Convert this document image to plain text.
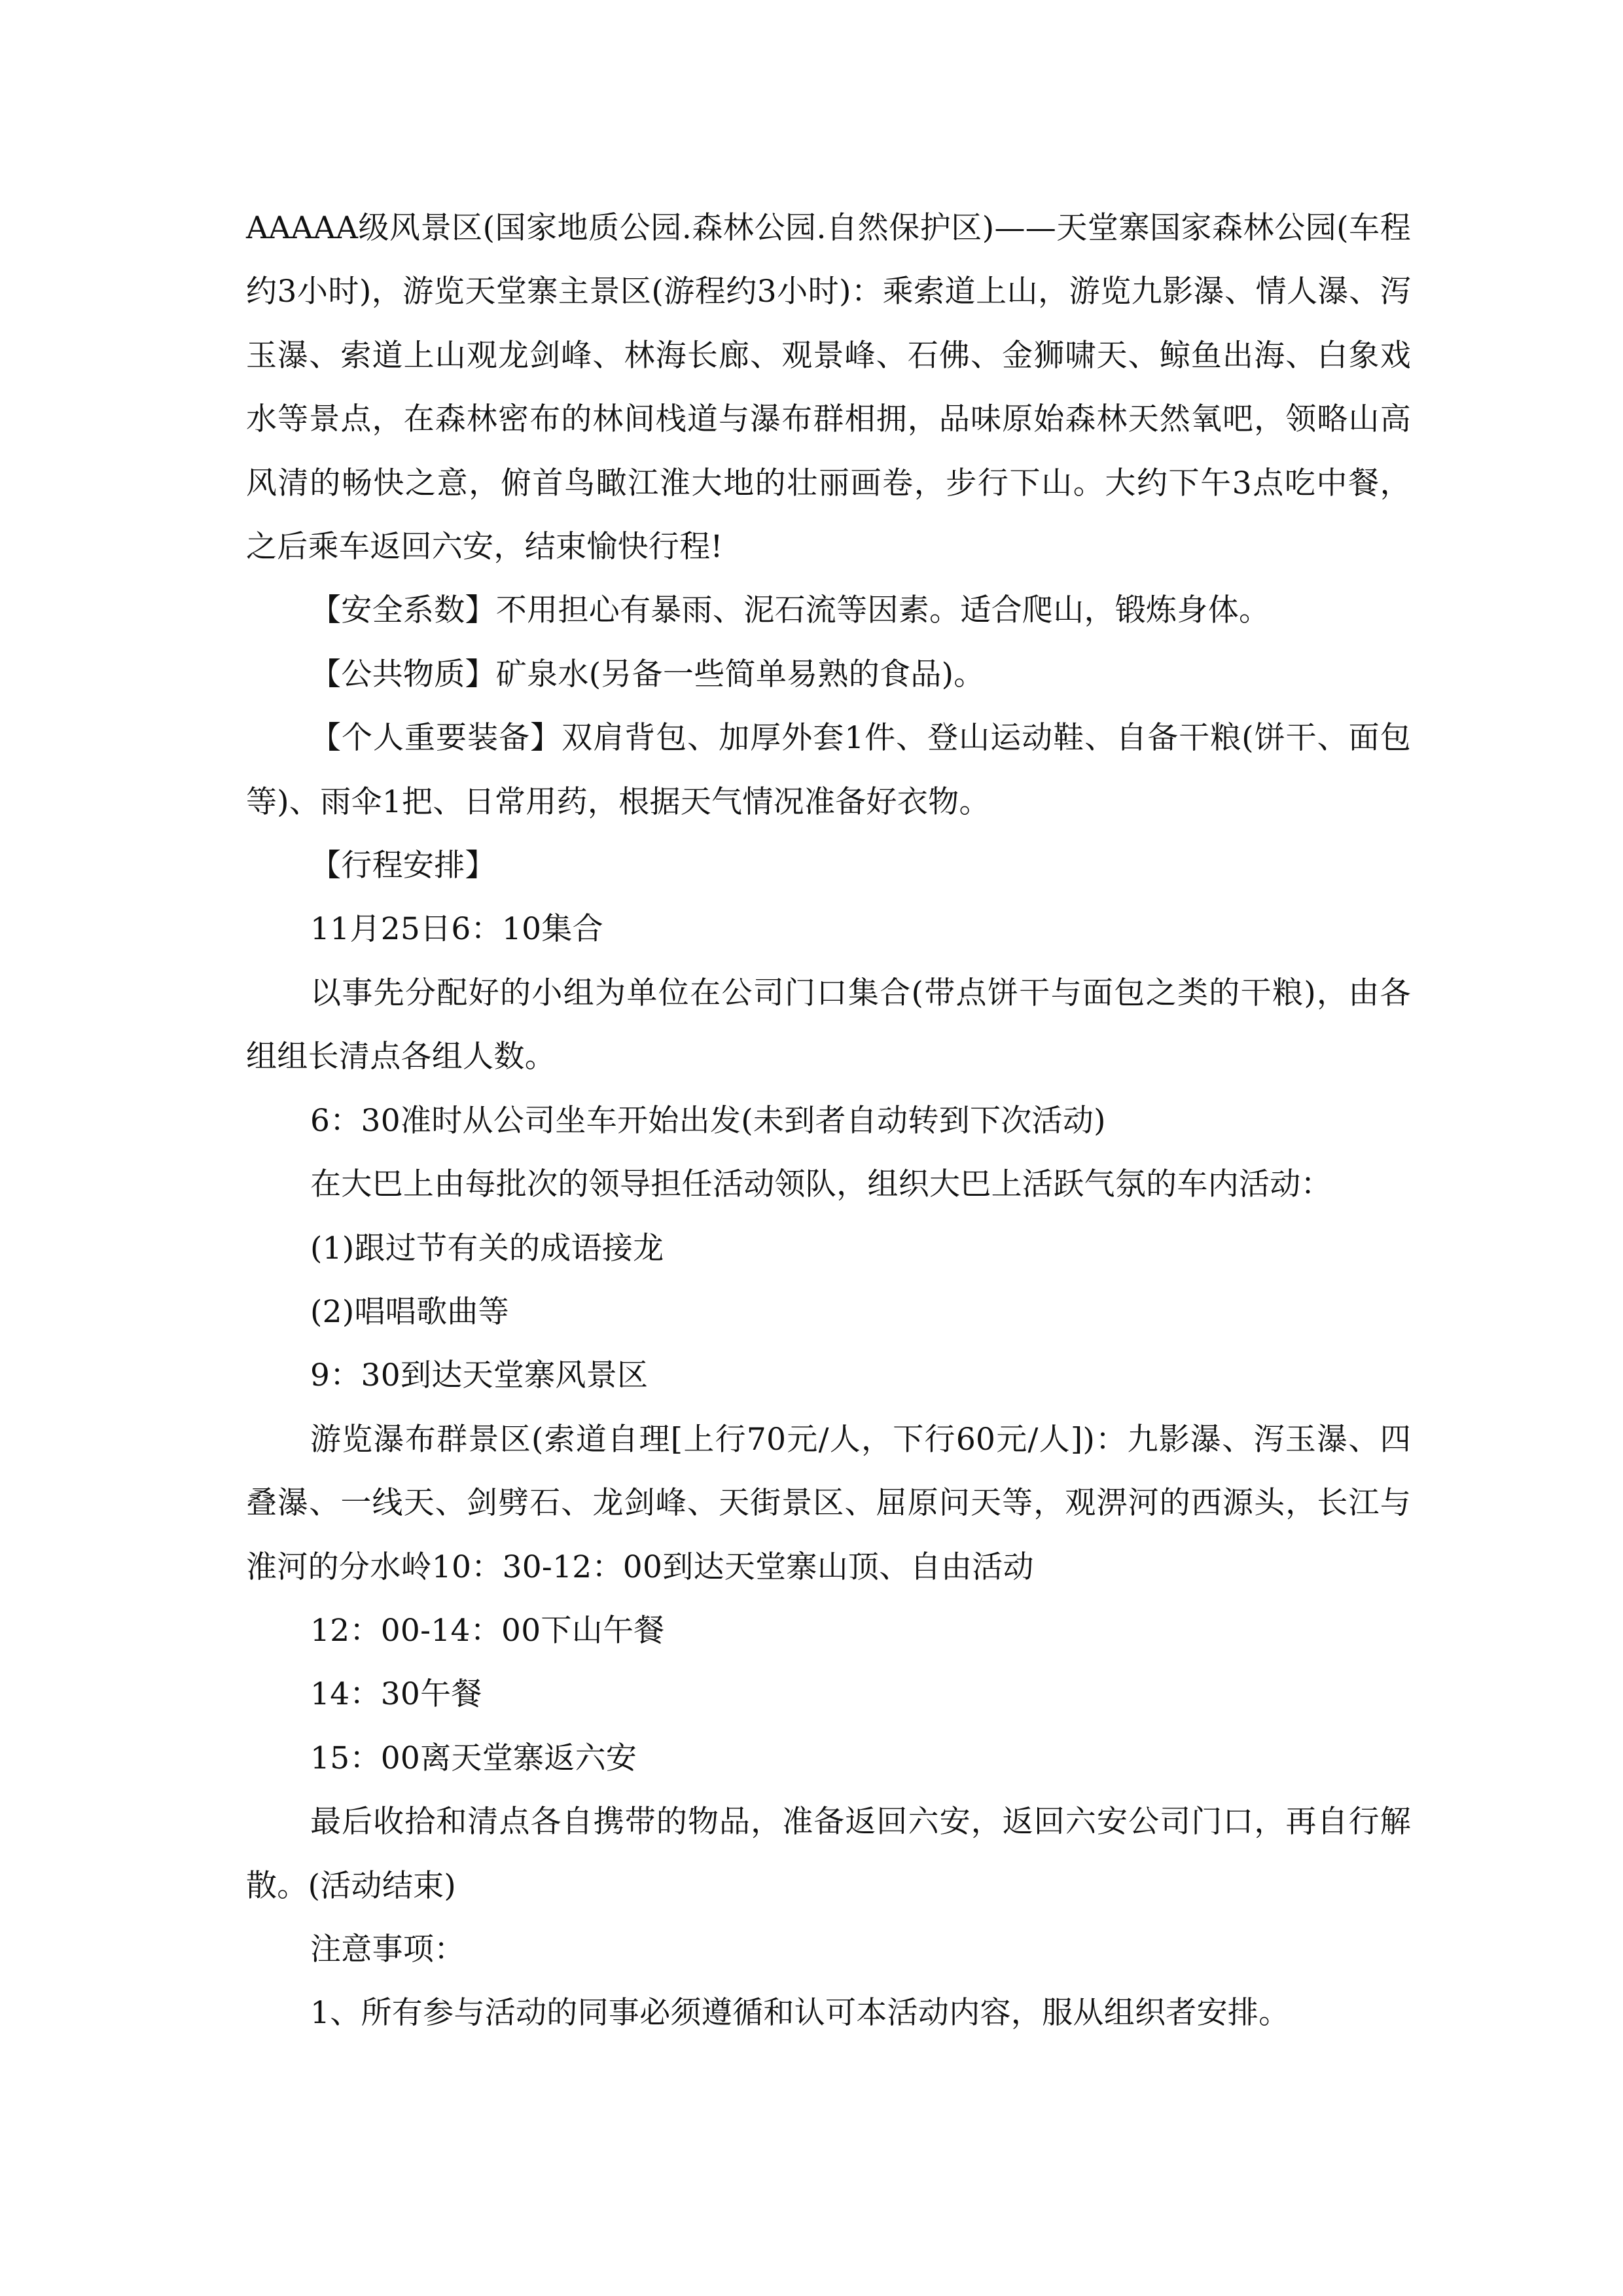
AAAAA级风景区(国家地质公园.森林公园.自然保护区)——天堂寨国家森林公园(车程约3小时)，游览天堂寨主景区(游程约3小时)：乘索道上山，游览九影瀑、情人瀑、泻玉瀑、索道上山观龙剑峰、林海长廊、观景峰、石佛、金狮啸天、鲸鱼出海、白象戏水等景点，在森林密布的林间栈道与瀑布群相拥，品味原始森林天然氧吧，领略山高风清的畅快之意，俯首鸟瞰江淮大地的壮丽画卷，步行下山。大约下午3点吃中餐，之后乘车返回六安，结束愉快行程!

【安全系数】不用担心有暴雨、泥石流等因素。适合爬山，锻炼身体。

【公共物质】矿泉水(另备一些简单易熟的食品)。

【个人重要装备】双肩背包、加厚外套1件、登山运动鞋、自备干粮(饼干、面包等)、雨伞1把、日常用药，根据天气情况准备好衣物。

【行程安排】

11月25日6：10集合

以事先分配好的小组为单位在公司门口集合(带点饼干与面包之类的干粮)，由各组组长清点各组人数。

6：30准时从公司坐车开始出发(未到者自动转到下次活动)

在大巴上由每批次的领导担任活动领队，组织大巴上活跃气氛的车内活动：

(1)跟过节有关的成语接龙

(2)唱唱歌曲等

9：30到达天堂寨风景区

游览瀑布群景区(索道自理[上行70元/人，下行60元/人])：九影瀑、泻玉瀑、四叠瀑、一线天、剑劈石、龙剑峰、天街景区、屈原问天等，观淠河的西源头，长江与淮河的分水岭10：30-12：00到达天堂寨山顶、自由活动

12：00-14：00下山午餐

14：30午餐

15：00离天堂寨返六安

最后收拾和清点各自携带的物品，准备返回六安，返回六安公司门口，再自行解散。(活动结束)

注意事项：

1、所有参与活动的同事必须遵循和认可本活动内容，服从组织者安排。
